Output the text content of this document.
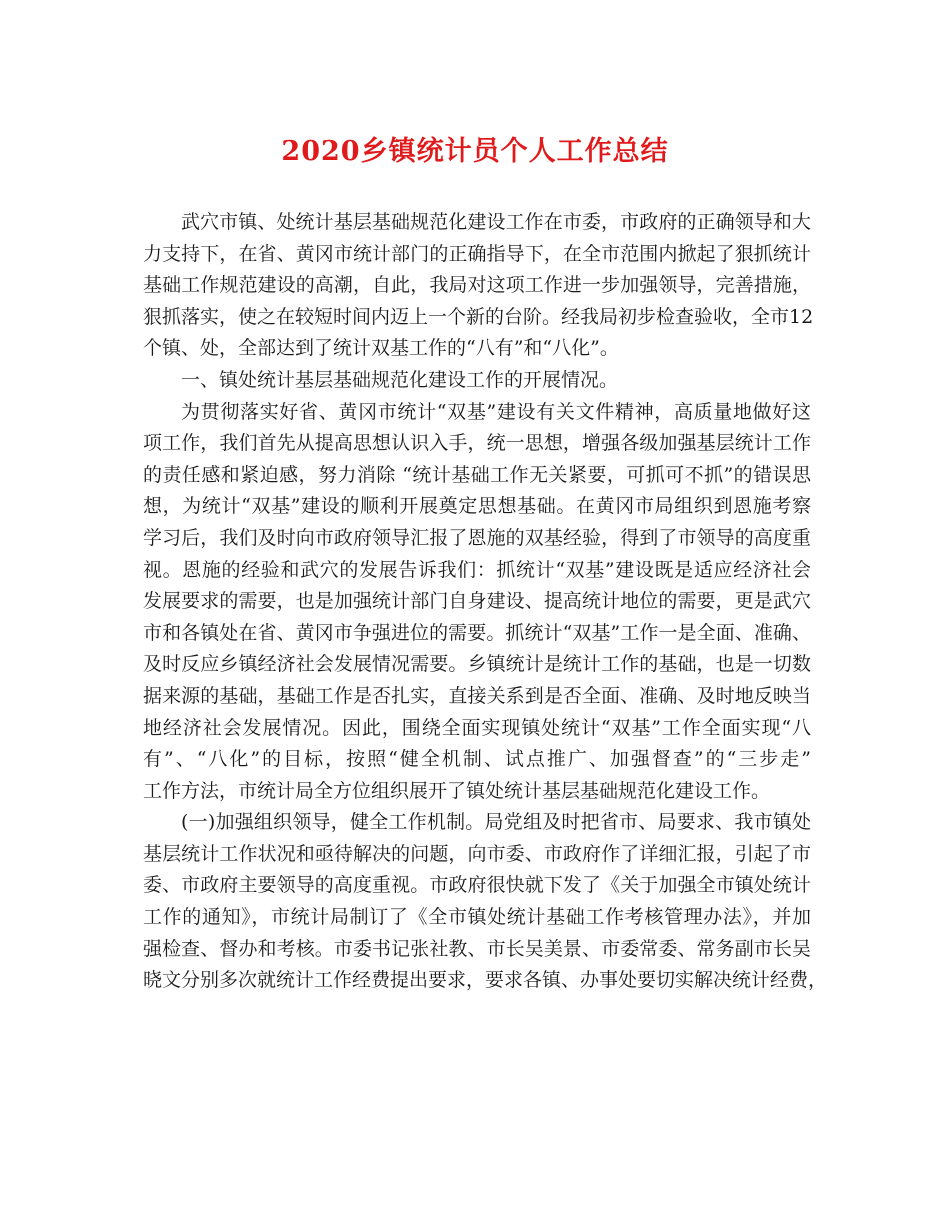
2020乡镇统计员个人工作总结
武穴市镇、处统计基层基础规范化建设工作在市委，市政府的正确领导和大
力支持下，在省、黄冈市统计部门的正确指导下，在全市范围内掀起了狠抓统计
基础工作规范建设的高潮，自此，我局对这项工作进一步加强领导，完善措施，
狠抓落实，使之在较短时间内迈上一个新的台阶。经我局初步检查验收，全市12
个镇、处，全部达到了统计双基工作的“八有”和“八化”。
一、镇处统计基层基础规范化建设工作的开展情况。
为贯彻落实好省、黄冈市统计“双基”建设有关文件精神，高质量地做好这
项工作，我们首先从提高思想认识入手，统一思想，增强各级加强基层统计工作
的责任感和紧迫感，努力消除 “统计基础工作无关紧要，可抓可不抓”的错误思
想，为统计“双基”建设的顺利开展奠定思想基础。在黄冈市局组织到恩施考察
学习后，我们及时向市政府领导汇报了恩施的双基经验，得到了市领导的高度重
视。恩施的经验和武穴的发展告诉我们：抓统计“双基”建设既是适应经济社会
发展要求的需要，也是加强统计部门自身建设、提高统计地位的需要，更是武穴
市和各镇处在省、黄冈市争强进位的需要。抓统计“双基”工作一是全面、准确、
及时反应乡镇经济社会发展情况需要。乡镇统计是统计工作的基础，也是一切数
据来源的基础，基础工作是否扎实，直接关系到是否全面、准确、及时地反映当
地经济社会发展情况。因此，围绕全面实现镇处统计“双基”工作全面实现“八
有”、“八化”的目标，按照“健全机制、试点推广、加强督查”的“三步走”
工作方法，市统计局全方位组织展开了镇处统计基层基础规范化建设工作。
(一)加强组织领导，健全工作机制。局党组及时把省市、局要求、我市镇处
基层统计工作状况和亟待解决的问题，向市委、市政府作了详细汇报，引起了市
委、市政府主要领导的高度重视。市政府很快就下发了《关于加强全市镇处统计
工作的通知》，市统计局制订了《全市镇处统计基础工作考核管理办法》，并加
强检查、督办和考核。市委书记张社教、市长吴美景、市委常委、常务副市长吴
晓文分别多次就统计工作经费提出要求，要求各镇、办事处要切实解决统计经费，
